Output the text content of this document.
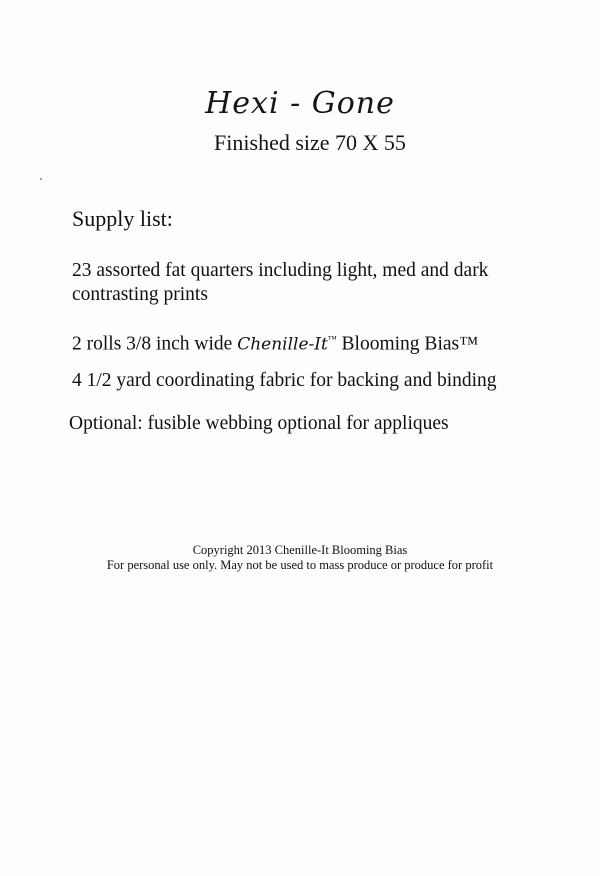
Hexi - Gone
Finished size 70 X 55
Supply list:
23 assorted fat quarters including light, med and dark contrasting prints
2 rolls 3/8 inch wide Chenille-It™ Blooming Bias™
4 1/2 yard coordinating fabric for backing and binding
Optional: fusible webbing optional for appliques
Copyright 2013 Chenille-It Blooming Bias
For personal use only. May not be used to mass produce or produce for profit
